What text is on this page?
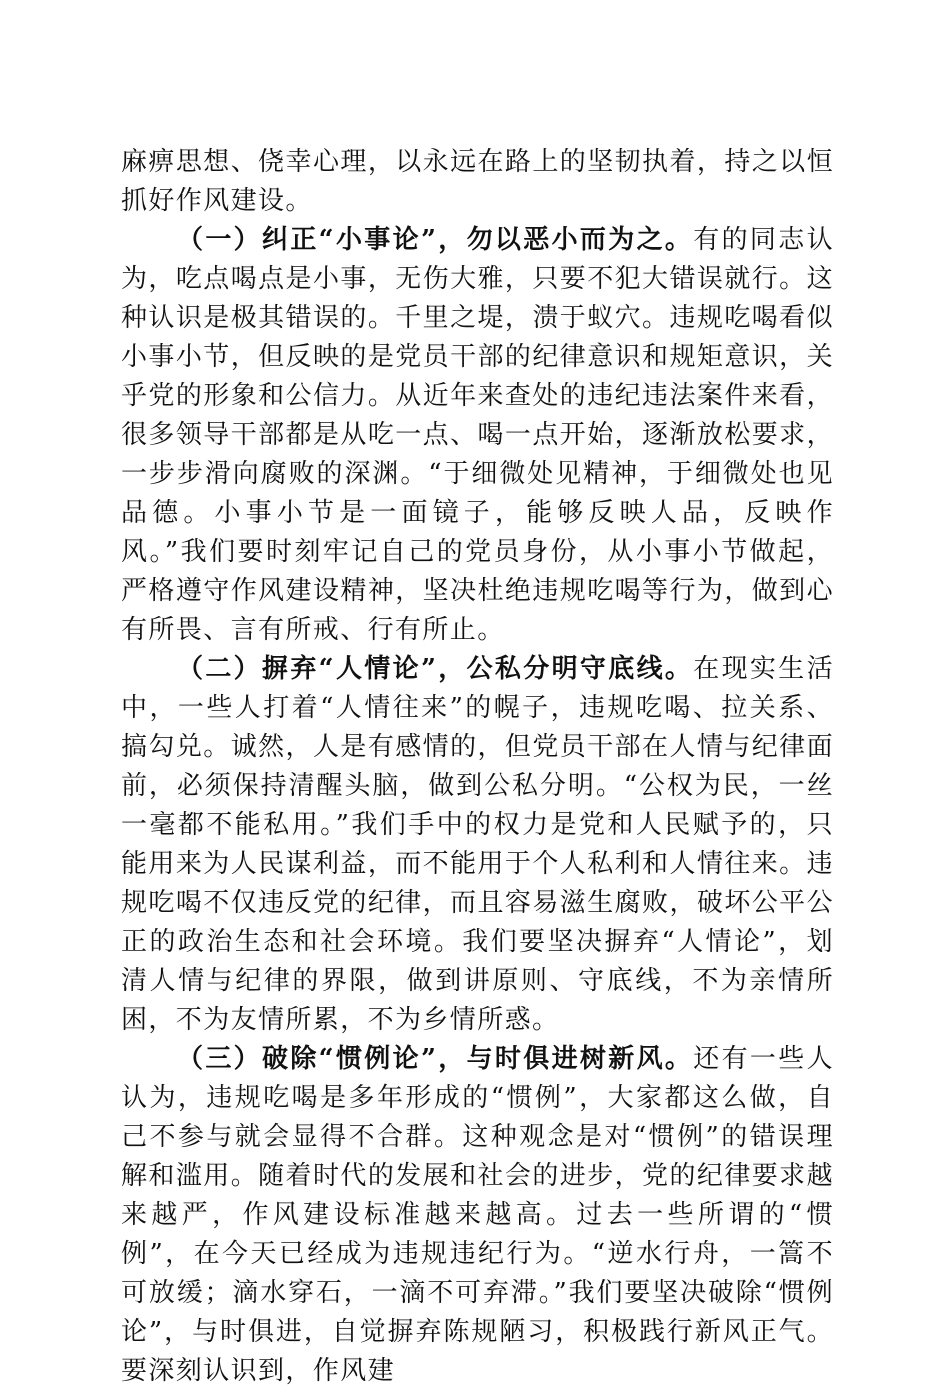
麻痹思想、侥幸心理，以永远在路上的坚韧执着，持之以恒抓好作风建设。

（一）纠正“小事论”，勿以恶小而为之。有的同志认为，吃点喝点是小事，无伤大雅，只要不犯大错误就行。这种认识是极其错误的。千里之堤，溃于蚁穴。违规吃喝看似小事小节，但反映的是党员干部的纪律意识和规矩意识，关乎党的形象和公信力。从近年来查处的违纪违法案件来看，很多领导干部都是从吃一点、喝一点开始，逐渐放松要求，一步步滑向腐败的深渊。“于细微处见精神，于细微处也见品德。小事小节是一面镜子，能够反映人品，反映作风。”我们要时刻牢记自己的党员身份，从小事小节做起，严格遵守作风建设精神，坚决杜绝违规吃喝等行为，做到心有所畏、言有所戒、行有所止。

（二）摒弃“人情论”，公私分明守底线。在现实生活中，一些人打着“人情往来”的幌子，违规吃喝、拉关系、搞勾兑。诚然，人是有感情的，但党员干部在人情与纪律面前，必须保持清醒头脑，做到公私分明。“公权为民，一丝一毫都不能私用。”我们手中的权力是党和人民赋予的，只能用来为人民谋利益，而不能用于个人私利和人情往来。违规吃喝不仅违反党的纪律，而且容易滋生腐败，破坏公平公正的政治生态和社会环境。我们要坚决摒弃“人情论”，划清人情与纪律的界限，做到讲原则、守底线，不为亲情所困，不为友情所累，不为乡情所惑。

（三）破除“惯例论”，与时俱进树新风。还有一些人认为，违规吃喝是多年形成的“惯例”，大家都这么做，自己不参与就会显得不合群。这种观念是对“惯例”的错误理解和滥用。随着时代的发展和社会的进步，党的纪律要求越来越严，作风建设标准越来越高。过去一些所谓的“惯例”，在今天已经成为违规违纪行为。“逆水行舟，一篙不可放缓；滴水穿石，一滴不可弃滞。”我们要坚决破除“惯例论”，与时俱进，自觉摒弃陈规陋习，积极践行新风正气。要深刻认识到，作风建
